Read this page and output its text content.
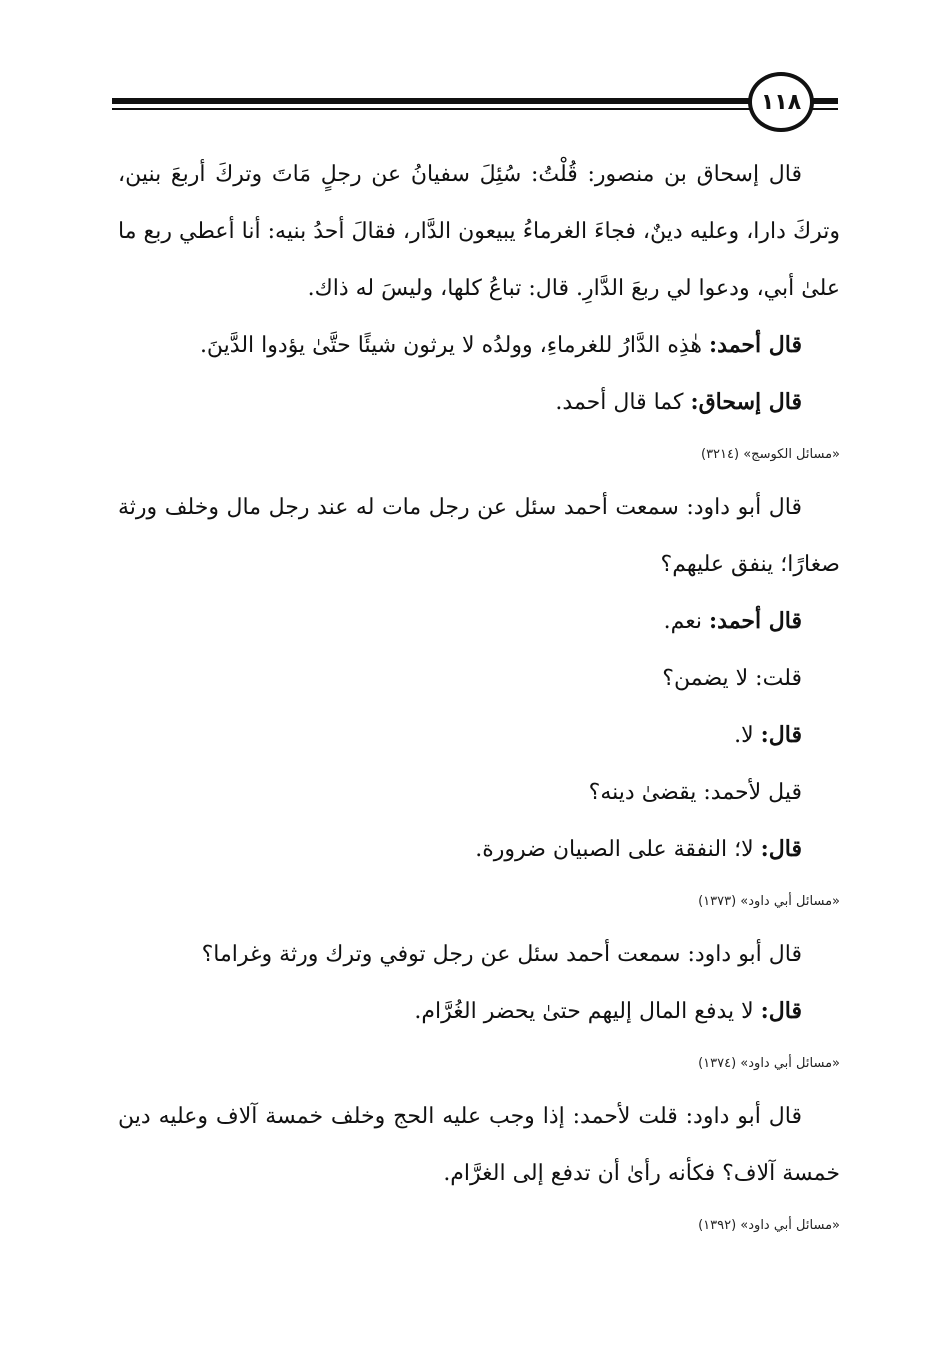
١١٨

قال إسحاق بن منصور: قُلْتُ: سُئِلَ سفيانُ عن رجلٍ مَاتَ وتركَ أربعَ بنين، وتركَ دارا، وعليه دينٌ، فجاءَ الغرماءُ يبيعون الدَّار، فقالَ أحدُ بنيه: أنا أعطي ربع ما علىٰ أبي، ودعوا لي ربعَ الدَّارِ. قال: تباعُ كلها، وليسَ له ذاك.

قال أحمد: هٰذِه الدَّارُ للغرماءِ، وولدُه لا يرثون شيئًا حتَّىٰ يؤدوا الدَّينَ.

قال إسحاق: كما قال أحمد.

«مسائل الكوسج» (٣٢١٤)

قال أبو داود: سمعت أحمد سئل عن رجل مات له عند رجل مال وخلف ورثة صغارًا؛ ينفق عليهم؟

قال أحمد: نعم.

قلت: لا يضمن؟

قال: لا.

قيل لأحمد: يقضىٰ دينه؟

قال: لا؛ النفقة على الصبيان ضرورة.

«مسائل أبي داود» (١٣٧٣)

قال أبو داود: سمعت أحمد سئل عن رجل توفي وترك ورثة وغراما؟

قال: لا يدفع المال إليهم حتىٰ يحضر الغُرَّام.

«مسائل أبي داود» (١٣٧٤)

قال أبو داود: قلت لأحمد: إذا وجب عليه الحج وخلف خمسة آلاف وعليه دين خمسة آلاف؟ فكأنه رأىٰ أن تدفع إلى الغرَّام.

«مسائل أبي داود» (١٣٩٢)
